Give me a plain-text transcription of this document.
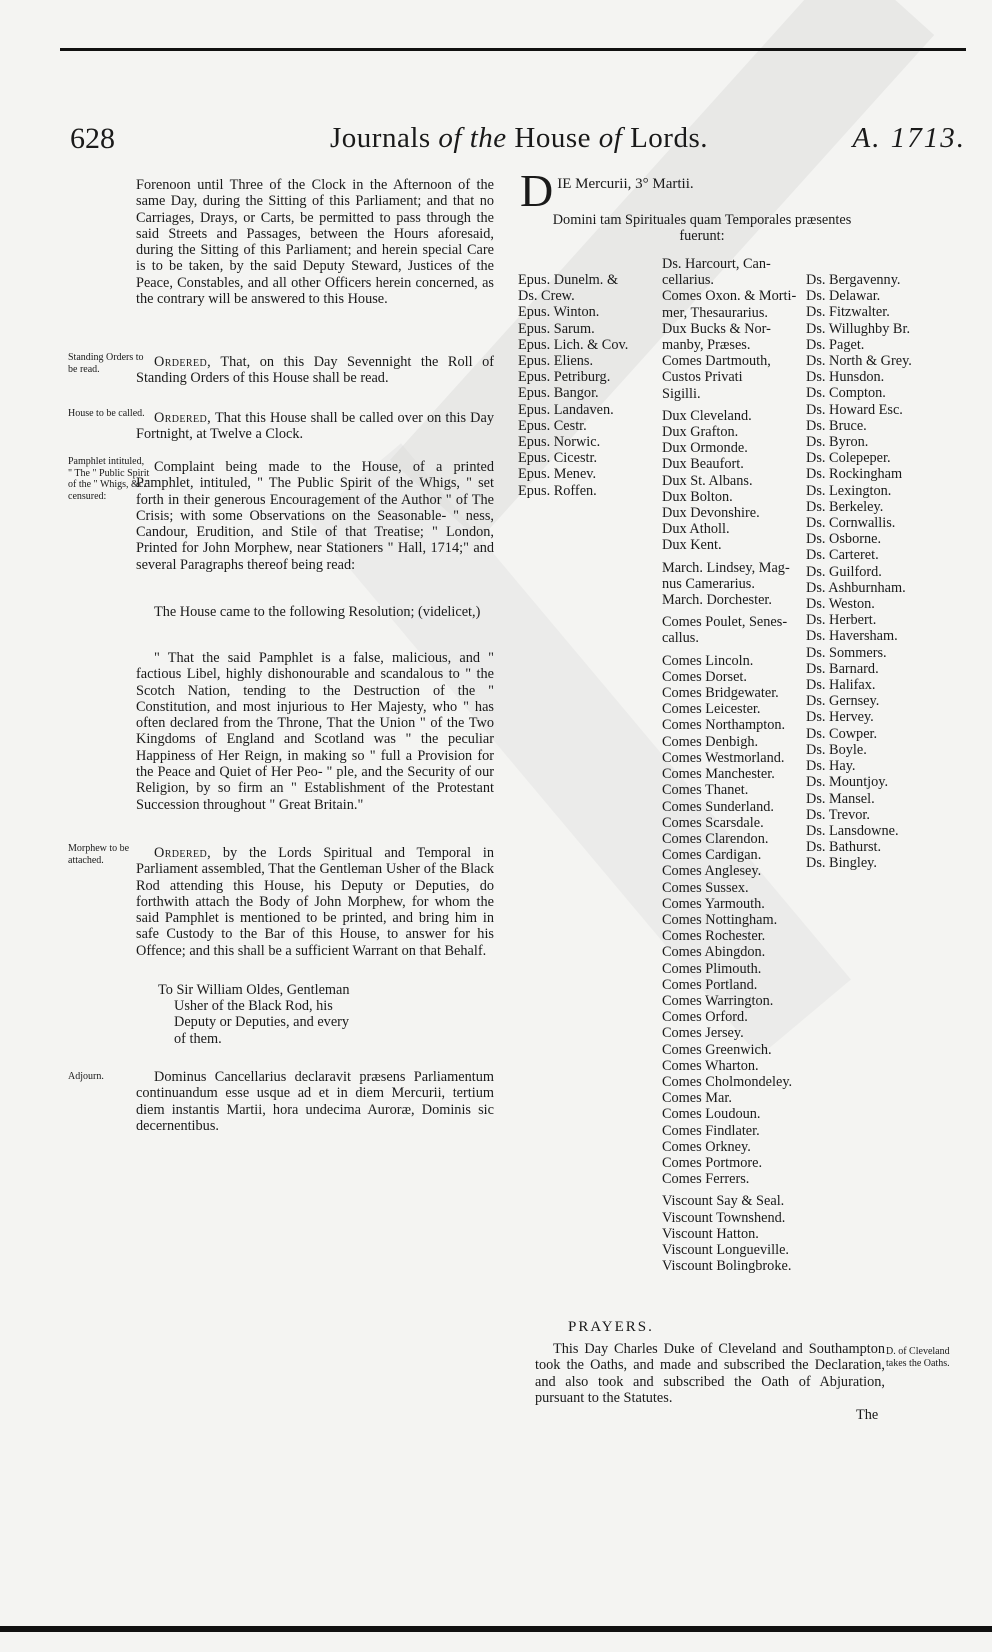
628	Journals of the House of Lords.	A. 1713.

Forenoon until Three of the Clock in the Afternoon of the same Day, during the Sitting of this Parliament; and that no Carriages, Drays, or Carts, be permitted to pass through the said Streets and Passages, between the Hours aforesaid, during the Sitting of this Parliament; and herein special Care is to be taken, by the said Deputy Steward, Justices of the Peace, Constables, and all other Officers herein concerned, as the contrary will be answered to this House.

Standing Orders to be read.	Ordered, That, on this Day Sevennight the Roll of Standing Orders of this House shall be read.

House to be called. Ordered, That this House shall be called over on this Day Fortnight, at Twelve a Clock.

Pamphlet intituled, " The " Public Spirit of the " Whigs, &c." censured:

Complaint being made to the House, of a printed Pamphlet, intituled, " The Public Spirit of the Whigs, " set forth in their generous Encouragement of the Author " of The Crisis; with some Observations on the Seasonable- " ness, Candour, Erudition, and Stile of that Treatise; " London, Printed for John Morphew, near Stationers " Hall, 1714;" and several Paragraphs thereof being read:

The House came to the following Resolution; (videlicet,)

" That the said Pamphlet is a false, malicious, and " factious Libel, highly dishonourable and scandalous to " the Scotch Nation, tending to the Destruction of the " Constitution, and most injurious to Her Majesty, who " has often declared from the Throne, That the Union " of the Two Kingdoms of England and Scotland was " the peculiar Happiness of Her Reign, in making so " full a Provision for the Peace and Quiet of Her Peo- " ple, and the Security of our Religion, by so firm an " Establishment of the Protestant Succession throughout " Great Britain."

Morphew to be attached.	Ordered, by the Lords Spiritual and Temporal in Parliament assembled, That the Gentleman Usher of the Black Rod attending this House, his Deputy or Deputies, do forthwith attach the Body of John Morphew, for whom the said Pamphlet is mentioned to be printed, and bring him in safe Custody to the Bar of this House, to answer for his Offence; and this shall be a sufficient Warrant on that Behalf.

To Sir William Oldes, Gentleman
Usher of the Black Rod, his
Deputy or Deputies, and every
of them.
Adjourn.	Dominus Cancellarius declaravit præsens Parliamentum continuandum esse usque ad et in diem Mercurii, tertium diem instantis Martii, hora undecima Auroræ, Dominis sic decernentibus.

D IE Mercurii, 3° Martii.
Domini tam Spirituales quam Temporales præsentes
fuerunt:
Epus. Dunelm. &
Ds. Crew.
Epus. Winton.
Epus. Sarum.
Epus. Lich. & Cov.
Epus. Eliens.
Epus. Petriburg.
Epus. Bangor.
Epus. Landaven.
Epus. Cestr.
Epus. Norwic.
Epus. Cicestr.
Epus. Menev.
Epus. Roffen.
Ds. Harcourt, Can-
cellarius.
Comes Oxon. & Morti-
mer, Thesaurarius.
Dux Bucks & Nor-
manby, Præses.
Comes Dartmouth,
Custos Privati
Sigilli.
Dux Cleveland.
Dux Grafton.
Dux Ormonde.
Dux Beaufort.
Dux St. Albans.
Dux Bolton.
Dux Devonshire.
Dux Atholl.
Dux Kent.
March. Lindsey, Mag-
nus Camerarius.
March. Dorchester.
Comes Poulet, Senes-
callus.
Comes Lincoln.
Comes Dorset.
Comes Bridgewater.
Comes Leicester.
Comes Northampton.
Comes Denbigh.
Comes Westmorland.
Comes Manchester.
Comes Thanet.
Comes Sunderland.
Comes Scarsdale.
Comes Clarendon.
Comes Cardigan.
Comes Anglesey.
Comes Sussex.
Comes Yarmouth.
Comes Nottingham.
Comes Rochester.
Comes Abingdon.
Comes Plimouth.
Comes Portland.
Comes Warrington.
Comes Orford.
Comes Jersey.
Comes Greenwich.
Comes Wharton.
Comes Cholmondeley.
Comes Mar.
Comes Loudoun.
Comes Findlater.
Comes Orkney.
Comes Portmore.
Comes Ferrers.
Viscount Say & Seal.
Viscount Townshend.
Viscount Hatton.
Viscount Longueville.
Viscount Bolingbroke.
Ds. Bergavenny.
Ds. Delawar.
Ds. Fitzwalter.
Ds. Willughby Br.
Ds. Paget.
Ds. North & Grey.
Ds. Hunsdon.
Ds. Compton.
Ds. Howard Esc.
Ds. Bruce.
Ds. Byron.
Ds. Colepeper.
Ds. Rockingham
Ds. Lexington.
Ds. Berkeley.
Ds. Cornwallis.
Ds. Osborne.
Ds. Carteret.
Ds. Guilford.
Ds. Ashburnham.
Ds. Weston.
Ds. Herbert.
Ds. Haversham.
Ds. Sommers.
Ds. Barnard.
Ds. Halifax.
Ds. Gernsey.
Ds. Hervey.
Ds. Cowper.
Ds. Boyle.
Ds. Hay.
Ds. Mountjoy.
Ds. Mansel.
Ds. Trevor.
Ds. Lansdowne.
Ds. Bathurst.
Ds. Bingley.
PRAYERS.

This Day Charles Duke of Cleveland and Southampton took the Oaths, and made and subscribed the Declaration, and also took and subscribed the Oath of Abjuration, pursuant to the Statutes.

D. of Cleveland takes the Oaths.
The
